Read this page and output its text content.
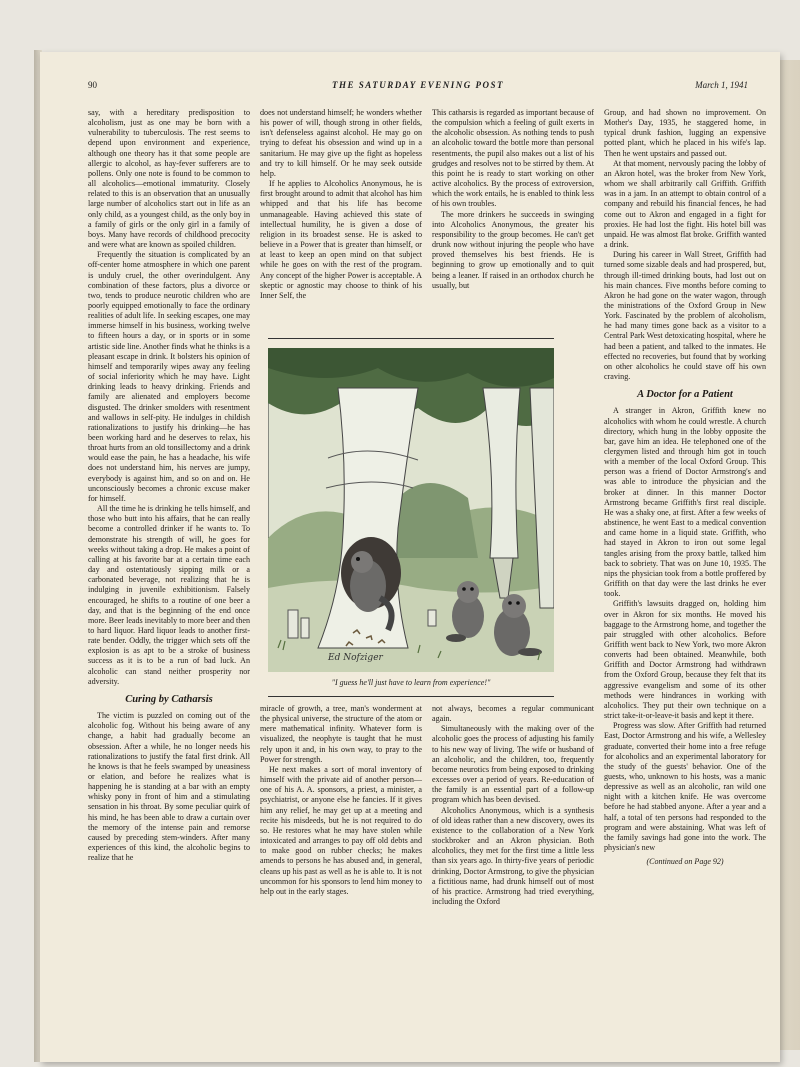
90	THE SATURDAY EVENING POST	March 1, 1941

say, with a hereditary predisposition to alcoholism, just as one may be born with a vulnerability to tuberculosis. The rest seems to depend upon environment and experience, although one theory has it that some people are allergic to alcohol, as hay-fever sufferers are to pollens. Only one note is found to be common to all alcoholics—emotional immaturity. Closely related to this is an observation that an unusually large number of alcoholics start out in life as an only child, as a youngest child, as the only boy in a family of girls or the only girl in a family of boys. Many have records of childhood precocity and were what are known as spoiled children.

Frequently the situation is complicated by an off-center home atmosphere in which one parent is unduly cruel, the other overindulgent. Any combination of these factors, plus a divorce or two, tends to produce neurotic children who are poorly equipped emotionally to face the ordinary realities of adult life. In seeking escapes, one may immerse himself in his business, working twelve to fifteen hours a day, or in sports or in some artistic side line. Another finds what he thinks is a pleasant escape in drink. It bolsters his opinion of himself and temporarily wipes away any feeling of social inferiority which he may have. Light drinking leads to heavy drinking. Friends and family are alienated and employers become disgusted. The drinker smolders with resentment and wallows in self-pity. He indulges in childish rationalizations to justify his drinking—he has been working hard and he deserves to relax, his throat hurts from an old tonsillectomy and a drink would ease the pain, he has a headache, his wife does not understand him, his nerves are jumpy, everybody is against him, and so on and on. He unconsciously becomes a chronic excuse maker for himself.

All the time he is drinking he tells himself, and those who butt into his affairs, that he can really become a controlled drinker if he wants to. To demonstrate his strength of will, he goes for weeks without taking a drop. He makes a point of calling at his favorite bar at a certain time each day and ostentatiously sipping milk or a carbonated beverage, not realizing that he is indulging in juvenile exhibitionism. Falsely encouraged, he shifts to a routine of one beer a day, and that is the beginning of the end once more. Beer leads inevitably to more beer and then to hard liquor. Hard liquor leads to another first-rate bender. Oddly, the trigger which sets off the explosion is as apt to be a stroke of business success as it is to be a run of bad luck. An alcoholic can stand neither prosperity nor adversity.

Curing by Catharsis

The victim is puzzled on coming out of the alcoholic fog. Without his being aware of any change, a habit had gradually become an obsession. After a while, he no longer needs his rationalizations to justify the fatal first drink. All he knows is that he feels swamped by uneasiness or elation, and before he realizes what is happening he is standing at a bar with an empty whisky pony in front of him and a stimulating sensation in his throat. By some peculiar quirk of his mind, he has been able to draw a curtain over the memory of the intense pain and remorse caused by preceding stem-winders. After many experiences of this kind, the alcoholic begins to realize that he

does not understand himself; he wonders whether his power of will, though strong in other fields, isn't defenseless against alcohol. He may go on trying to defeat his obsession and wind up in a sanitarium. He may give up the fight as hopeless and try to kill himself. Or he may seek outside help.

If he applies to Alcoholics Anonymous, he is first brought around to admit that alcohol has him whipped and that his life has become unmanageable. Having achieved this state of intellectual humility, he is given a dose of religion in its broadest sense. He is asked to believe in a Power that is greater than himself, or at least to keep an open mind on that subject while he goes on with the rest of the program. Any concept of the higher Power is acceptable. A skeptic or agnostic may choose to think of his Inner Self, the

This catharsis is regarded as important because of the compulsion which a feeling of guilt exerts in the alcoholic obsession. As nothing tends to push an alcoholic toward the bottle more than personal resentments, the pupil also makes out a list of his grudges and resolves not to be stirred by them. At this point he is ready to start working on other active alcoholics. By the process of extroversion, which the work entails, he is enabled to think less of his own troubles.

The more drinkers he succeeds in swinging into Alcoholics Anonymous, the greater his responsibility to the group becomes. He can't get drunk now without injuring the people who have proved themselves his best friends. He is beginning to grow up emotionally and to quit being a leaner. If raised in an orthodox church he usually, but

Ed Nofziger
"I guess he'll just have to learn from experience!"

miracle of growth, a tree, man's wonderment at the physical universe, the structure of the atom or mere mathematical infinity. Whatever form is visualized, the neophyte is taught that he must rely upon it and, in his own way, to pray to the Power for strength.

He next makes a sort of moral inventory of himself with the private aid of another person—one of his A. A. sponsors, a priest, a minister, a psychiatrist, or anyone else he fancies. If it gives him any relief, he may get up at a meeting and recite his misdeeds, but he is not required to do so. He restores what he may have stolen while intoxicated and arranges to pay off old debts and to make good on rubber checks; he makes amends to persons he has abused and, in general, cleans up his past as well as he is able to. It is not uncommon for his sponsors to lend him money to help out in the early stages.

not always, becomes a regular communicant again.

Simultaneously with the making over of the alcoholic goes the process of adjusting his family to his new way of living. The wife or husband of an alcoholic, and the children, too, frequently become neurotics from being exposed to drinking excesses over a period of years. Re-education of the family is an essential part of a follow-up program which has been devised.

Alcoholics Anonymous, which is a synthesis of old ideas rather than a new discovery, owes its existence to the collaboration of a New York stockbroker and an Akron physician. Both alcoholics, they met for the first time a little less than six years ago. In thirty-five years of periodic drinking, Doctor Armstrong, to give the physician a fictitious name, had drunk himself out of most of his practice. Armstrong had tried everything, including the Oxford

Group, and had shown no improvement. On Mother's Day, 1935, he staggered home, in typical drunk fashion, lugging an expensive potted plant, which he placed in his wife's lap. Then he went upstairs and passed out.

At that moment, nervously pacing the lobby of an Akron hotel, was the broker from New York, whom we shall arbitrarily call Griffith. Griffith was in a jam. In an attempt to obtain control of a company and rebuild his financial fences, he had come out to Akron and engaged in a fight for proxies. He had lost the fight. His hotel bill was unpaid. He was almost flat broke. Griffith wanted a drink.

During his career in Wall Street, Griffith had turned some sizable deals and had prospered, but, through ill-timed drinking bouts, had lost out on his main chances. Five months before coming to Akron he had gone on the water wagon, through the ministrations of the Oxford Group in New York. Fascinated by the problem of alcoholism, he had many times gone back as a visitor to a Central Park West detoxicating hospital, where he had been a patient, and talked to the inmates. He effected no recoveries, but found that by working on other alcoholics he could stave off his own craving.

A Doctor for a Patient

A stranger in Akron, Griffith knew no alcoholics with whom he could wrestle. A church directory, which hung in the lobby opposite the bar, gave him an idea. He telephoned one of the clergymen listed and through him got in touch with a member of the local Oxford Group. This person was a friend of Doctor Armstrong's and was able to introduce the physician and the broker at dinner. In this manner Doctor Armstrong became Griffith's first real disciple. He was a shaky one, at first. After a few weeks of abstinence, he went East to a medical convention and came home in a liquid state. Griffith, who had stayed in Akron to iron out some legal tangles arising from the proxy battle, talked him back to sobriety. That was on June 10, 1935. The nips the physician took from a bottle proffered by Griffith on that day were the last drinks he ever took.

Griffith's lawsuits dragged on, holding him over in Akron for six months. He moved his baggage to the Armstrong home, and together the pair struggled with other alcoholics. Before Griffith went back to New York, two more Akron converts had been obtained. Meanwhile, both Griffith and Doctor Armstrong had withdrawn from the Oxford Group, because they felt that its aggressive evangelism and some of its other methods were hindrances in working with alcoholics. They put their own technique on a strict take-it-or-leave-it basis and kept it there.

Progress was slow. After Griffith had returned East, Doctor Armstrong and his wife, a Wellesley graduate, converted their home into a free refuge for alcoholics and an experimental laboratory for the study of the guests' behavior. One of the guests, who, unknown to his hosts, was a manic depressive as well as an alcoholic, ran wild one night with a kitchen knife. He was overcome before he had stabbed anyone. After a year and a half, a total of ten persons had responded to the program and were abstaining. What was left of the family savings had gone into the work. The physician's new

(Continued on Page 92)
